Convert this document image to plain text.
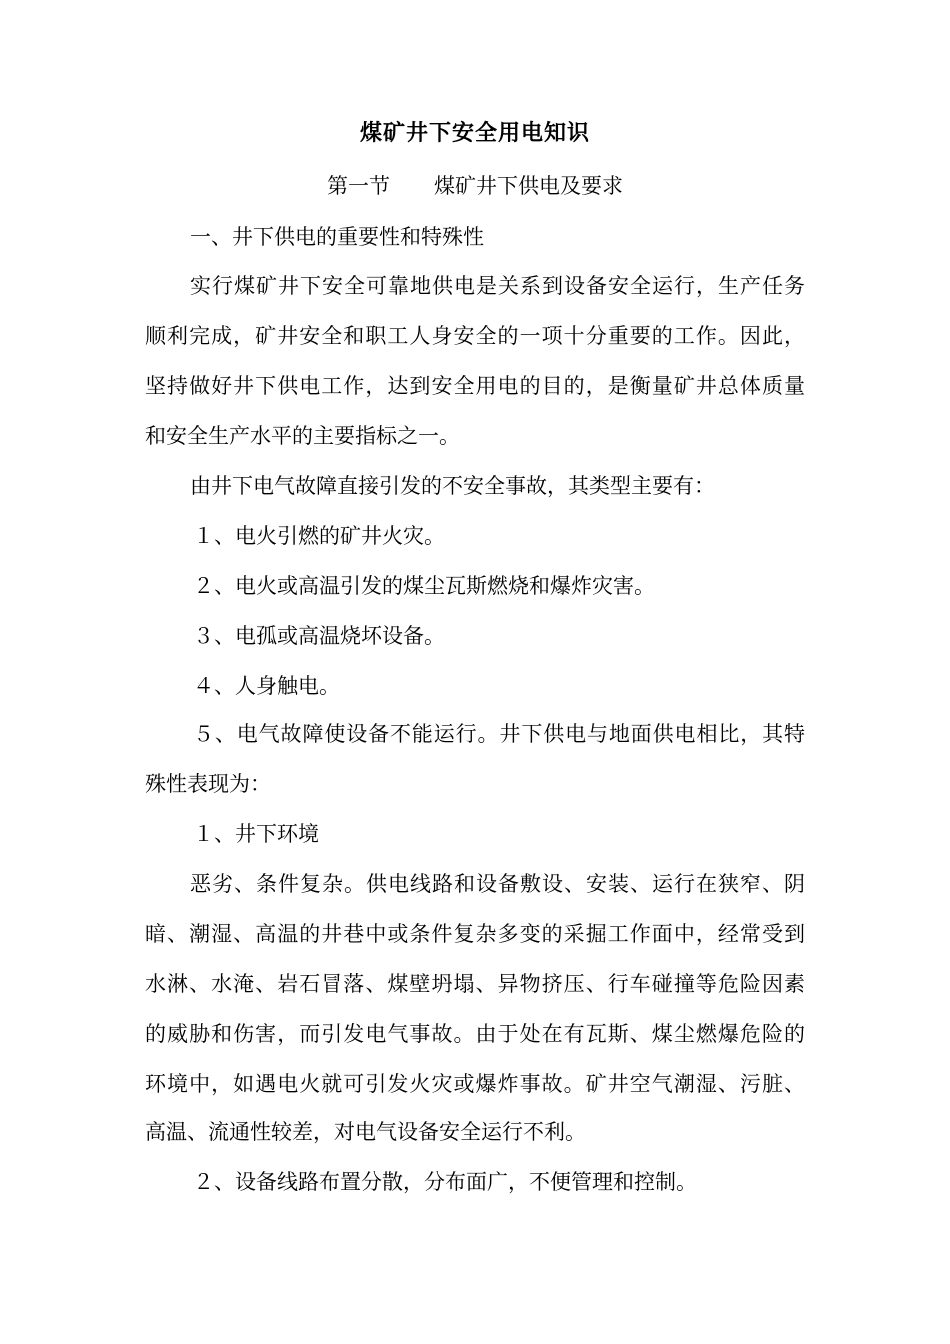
煤矿井下安全用电知识
第一节 煤矿井下供电及要求
一、井下供电的重要性和特殊性
实行煤矿井下安全可靠地供电是关系到设备安全运行，生产任务
顺利完成，矿井安全和职工人身安全的一项十分重要的工作。因此，
坚持做好井下供电工作，达到安全用电的目的，是衡量矿井总体质量
和安全生产水平的主要指标之一。
由井下电气故障直接引发的不安全事故，其类型主要有：
１、电火引燃的矿井火灾。
２、电火或高温引发的煤尘瓦斯燃烧和爆炸灾害。
３、电孤或高温烧坏设备。
４、人身触电。
５、电气故障使设备不能运行。井下供电与地面供电相比，其特
殊性表现为：
１、井下环境
恶劣、条件复杂。供电线路和设备敷设、安装、运行在狭窄、阴
暗、潮湿、高温的井巷中或条件复杂多变的采掘工作面中，经常受到
水淋、水淹、岩石冒落、煤壁坍塌、异物挤压、行车碰撞等危险因素
的威胁和伤害，而引发电气事故。由于处在有瓦斯、煤尘燃爆危险的
环境中，如遇电火就可引发火灾或爆炸事故。矿井空气潮湿、污脏、
高温、流通性较差，对电气设备安全运行不利。
２、设备线路布置分散，分布面广，不便管理和控制。
